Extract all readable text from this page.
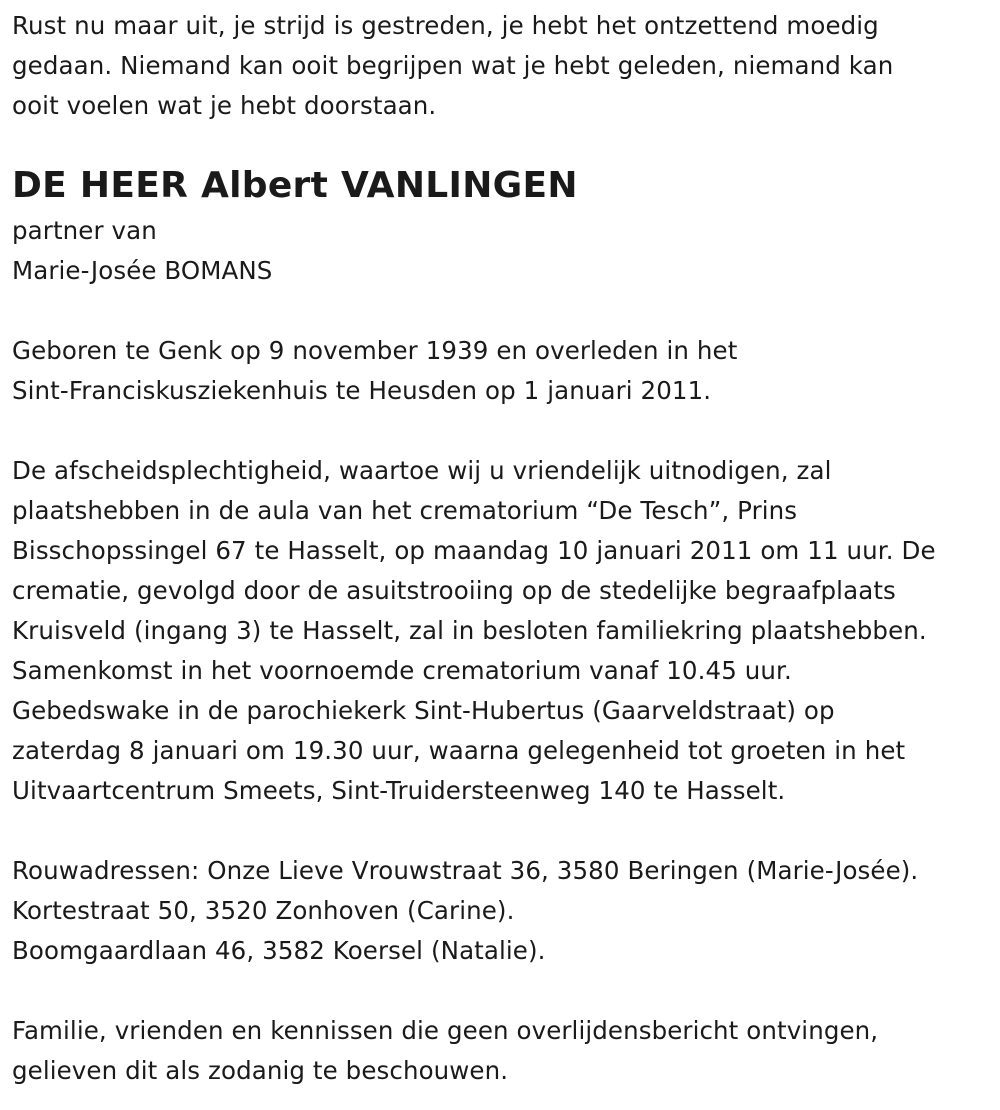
Rust nu maar uit, je strijd is gestreden, je hebt het ontzettend moedig
gedaan. Niemand kan ooit begrijpen wat je hebt geleden, niemand kan
ooit voelen wat je hebt doorstaan.
DE HEER Albert VANLINGEN
partner van
Marie-Josée BOMANS
Geboren te Genk op 9 november 1939 en overleden in het
Sint-Franciskusziekenhuis te Heusden op 1 januari 2011.
De afscheidsplechtigheid, waartoe wij u vriendelijk uitnodigen, zal
plaatshebben in de aula van het crematorium “De Tesch”, Prins
Bisschopssingel 67 te Hasselt, op maandag 10 januari 2011 om 11 uur. De
crematie, gevolgd door de asuitstrooiing op de stedelijke begraafplaats
Kruisveld (ingang 3) te Hasselt, zal in besloten familiekring plaatshebben.
Samenkomst in het voornoemde crematorium vanaf 10.45 uur.
Gebedswake in de parochiekerk Sint-Hubertus (Gaarveldstraat) op
zaterdag 8 januari om 19.30 uur, waarna gelegenheid tot groeten in het
Uitvaartcentrum Smeets, Sint-Truidersteenweg 140 te Hasselt.
Rouwadressen: Onze Lieve Vrouwstraat 36, 3580 Beringen (Marie-Josée).
Kortestraat 50, 3520 Zonhoven (Carine).
Boomgaardlaan 46, 3582 Koersel (Natalie).
Familie, vrienden en kennissen die geen overlijdensbericht ontvingen,
gelieven dit als zodanig te beschouwen.
